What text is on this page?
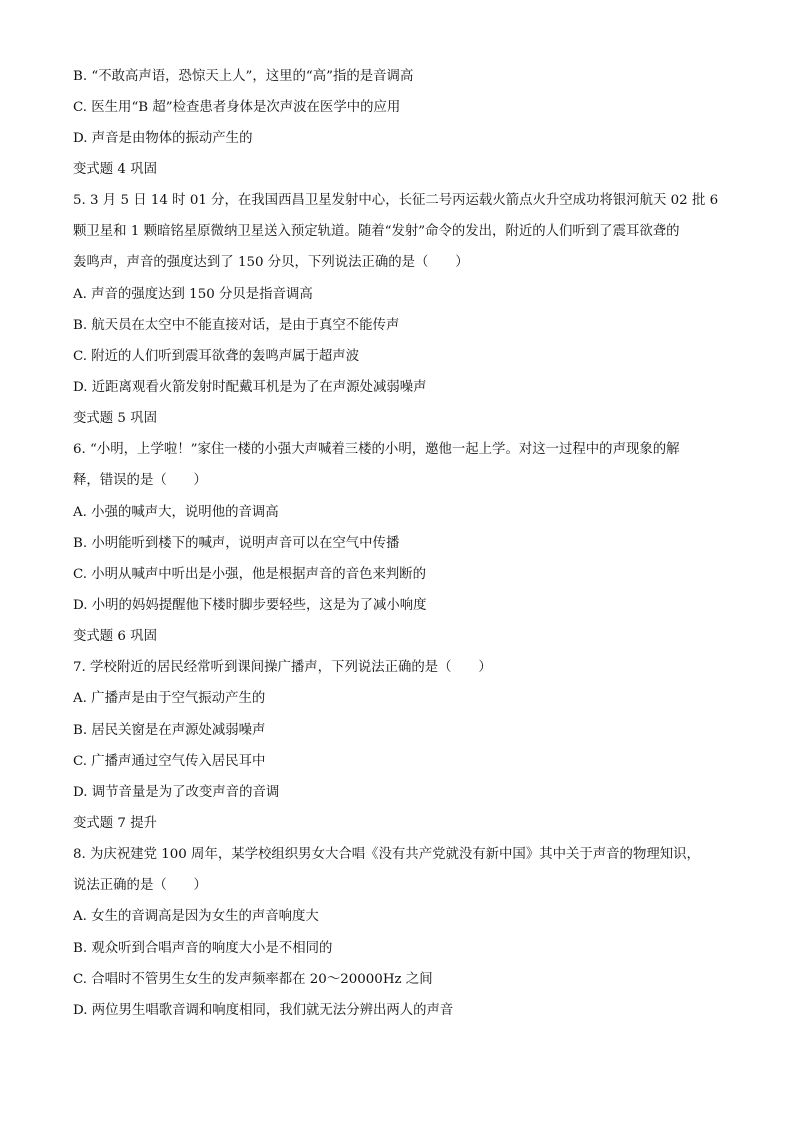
B. “不敢高声语，恐惊天上人”，这里的“高”指的是音调高
C. 医生用“B 超”检查患者身体是次声波在医学中的应用
D. 声音是由物体的振动产生的
变式题 4 巩固
5. 3 月 5 日 14 时 01 分，在我国西昌卫星发射中心，长征二号丙运载火箭点火升空成功将银河航天 02 批 6
颗卫星和 1 颗暗铭星原微纳卫星送入预定轨道。随着“发射”命令的发出，附近的人们听到了震耳欲聋的
轰鸣声，声音的强度达到了 150 分贝，下列说法正确的是（　　）
A. 声音的强度达到 150 分贝是指音调高
B. 航天员在太空中不能直接对话，是由于真空不能传声
C. 附近的人们听到震耳欲聋的轰鸣声属于超声波
D. 近距离观看火箭发射时配戴耳机是为了在声源处减弱噪声
变式题 5 巩固
6. “小明，上学啦！”家住一楼的小强大声喊着三楼的小明，邀他一起上学。对这一过程中的声现象的解
释，错误的是（　　）
A. 小强的喊声大，说明他的音调高
B. 小明能听到楼下的喊声，说明声音可以在空气中传播
C. 小明从喊声中听出是小强，他是根据声音的音色来判断的
D. 小明的妈妈提醒他下楼时脚步要轻些，这是为了减小响度
变式题 6 巩固
7. 学校附近的居民经常听到课间操广播声，下列说法正确的是（　　）
A. 广播声是由于空气振动产生的
B. 居民关窗是在声源处减弱噪声
C. 广播声通过空气传入居民耳中
D. 调节音量是为了改变声音的音调
变式题 7 提升
8. 为庆祝建党 100 周年，某学校组织男女大合唱《没有共产党就没有新中国》其中关于声音的物理知识，
说法正确的是（　　）
A. 女生的音调高是因为女生的声音响度大
B. 观众听到合唱声音的响度大小是不相同的
C. 合唱时不管男生女生的发声频率都在 20～20000Hz 之间
D. 两位男生唱歌音调和响度相同，我们就无法分辨出两人的声音
